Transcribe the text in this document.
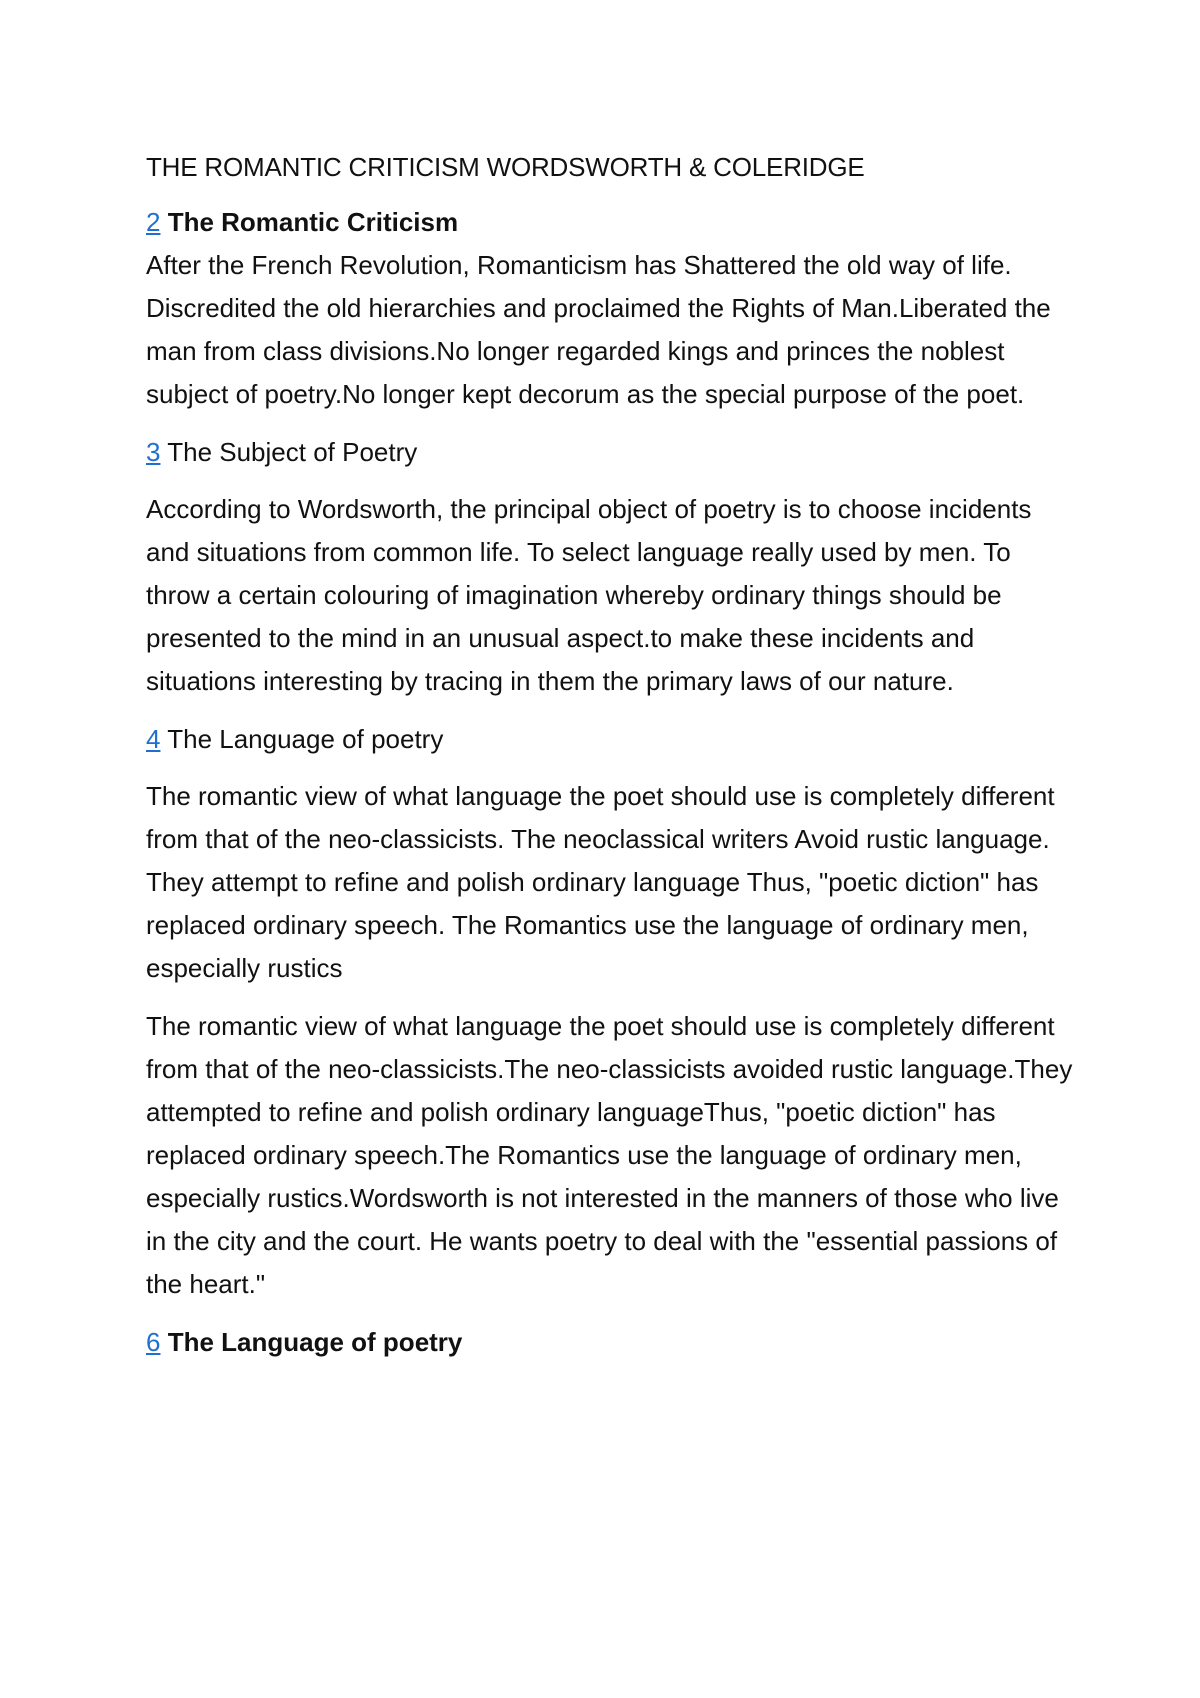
THE ROMANTIC CRITICISM WORDSWORTH & COLERIDGE
2 The Romantic Criticism

After the French Revolution, Romanticism has Shattered the old way of life. Discredited the old hierarchies and proclaimed the Rights of Man.Liberated the man from class divisions.No longer regarded kings and princes the noblest subject of poetry.No longer kept decorum as the special purpose of the poet.

3 The Subject of Poetry

According to Wordsworth, the principal object of poetry is to choose incidents and situations from common life. To select language really used by men. To throw a certain colouring of imagination whereby ordinary things should be presented to the mind in an unusual aspect.to make these incidents and situations interesting by tracing in them the primary laws of our nature.

4 The Language of poetry

The romantic view of what language the poet should use is completely different from that of the neo-classicists. The neoclassical writers Avoid rustic language. They attempt to refine and polish ordinary language Thus, "poetic diction" has replaced ordinary speech. The Romantics use the language of ordinary men, especially rustics

The romantic view of what language the poet should use is completely different from that of the neo-classicists.The neo-classicists avoided rustic language.They attempted to refine and polish ordinary languageThus, "poetic diction" has replaced ordinary speech.The Romantics use the language of ordinary men, especially rustics.Wordsworth is not interested in the manners of those who live in the city and the court. He wants poetry to deal with the "essential passions of the heart."

6 The Language of poetry
